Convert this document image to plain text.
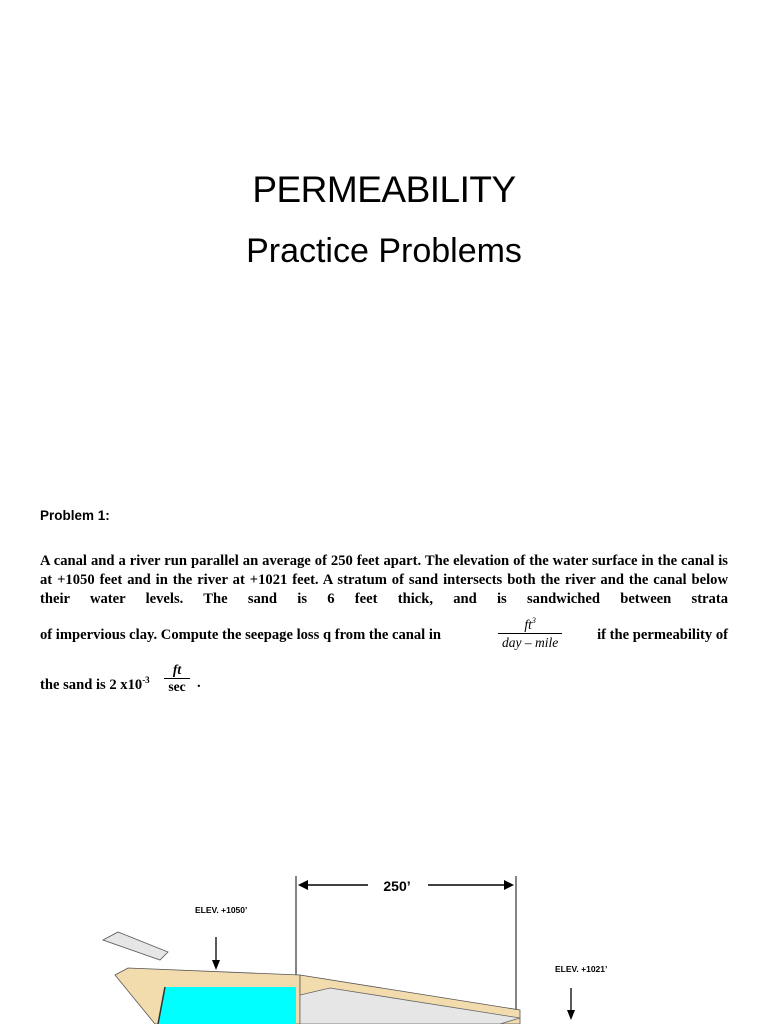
PERMEABILITY
Practice Problems
Problem 1:
A canal and a river run parallel an average of 250 feet apart. The elevation of the water surface in the canal is at +1050 feet and in the river at +1021 feet. A stratum of sand intersects both the river and the canal below their water levels. The sand is 6 feet thick, and is sandwiched between strata
of impervious clay. Compute the seepage loss q from the canal in
$ft^3$
day – mile	if the permeability of
the sand is 2 $x10^{-3}$
ft
sec .
250’
ELEV. +1050’
ELEV. +1021’
